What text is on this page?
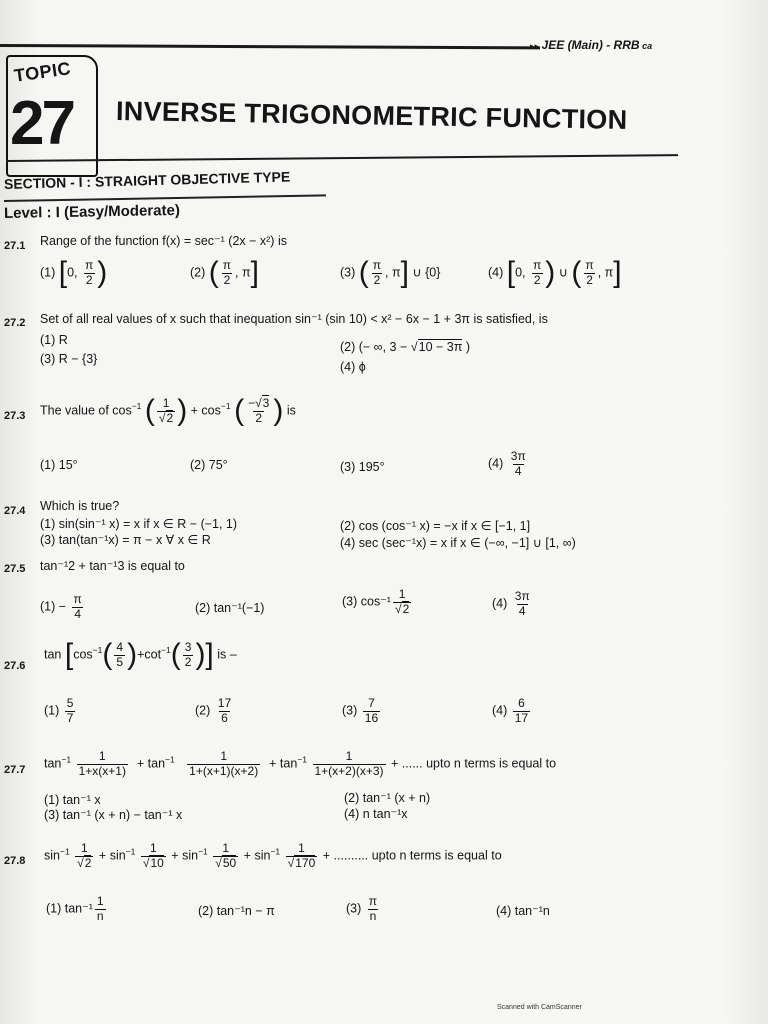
▸▸ JEE (Main) - RRB ca
TOPIC
27 INVERSE TRIGONOMETRIC FUNCTION
SECTION - I : STRAIGHT OBJECTIVE TYPE
Level : I (Easy/Moderate)
27.1 Range of the function f(x) = sec⁻¹ (2x − x²) is
(1) [0, $\frac{\pi}{2}$ )	(2) ( $\frac{\pi}{2}$ , π]	(3) ( $\frac{\pi}{2}$ , π] ∪ {0}	(4) [0, $\frac{\pi}{2}$ ) ∪ ( $\frac{\pi}{2}$ , π]
27.2 Set of all real values of x such that inequation sin⁻¹ (sin 10) < x² − 6x − 1 + 3π is satisfied, is
(1) R	(2) (− ∞, 3 − √10 − 3π )
(3) R − {3}
(4) ϕ
27.3 The value of $\cos^{-1}$ ( $\frac{1}{√2}$ ) + $\cos^{-1}$ ( $\frac{-√3}{2}$ ) is
(1) 15°	(2) 75°	(3) 195°	$(4) \frac{3\pi}{4}$
27.4 Which is true?
(1) sin(sin⁻¹ x) = x if x ∈ R − (−1, 1)	(2) cos (cos⁻¹ x) = −x if x ∈ [−1, 1]
(3) tan(tan⁻¹x) = π − x ∀ x ∈ R	(4) sec (sec⁻¹x) = x if x ∈ (−∞, −1] ∪ [1, ∞)
27.5 tan⁻¹2 + tan⁻¹3 is equal to
$(1) - \frac{\pi}{4}$	(2) tan⁻¹(−1)	(3) $\cos^{-1} \frac{1}{√2}$	$(4) \frac{3\pi}{4}$
27.6
$\tan [\cos^{-1}( \frac{4}{5} )+\cot^{-1}( \frac{3}{2}$ )] is –
$(1) \frac{5}{7}$	$(2) \frac{17}{6}$	$(3) \frac{7}{16}$	$(4) \frac{6}{17}$
27.7 $\tan^{-1} \frac{1}{1+x(x+1)} + \tan^{-1} \frac{1}{1+(x+1)(x+2)} + \tan^{-1} \frac{1}{1+(x+2)(x+3)}$ + ...... upto n terms is equal to
(1) tan⁻¹ x	(2) tan⁻¹ (x + n)
(3) tan⁻¹ (x + n) − tan⁻¹ x	(4) n tan⁻¹x
27.8 $\sin^{-1} \frac{1}{√2} + \sin^{-1} \frac{1}{√10} + \sin^{-1} \frac{1}{√50} + \sin^{-1} \frac{1}{√170}$ + .......... upto n terms is equal to
(1) $\tan^{-1} \frac{1}{n}$	(2) tan⁻¹n − π	$(3) \frac{\pi}{n}$	(4) tan⁻¹n
Scanned with CamScanner
